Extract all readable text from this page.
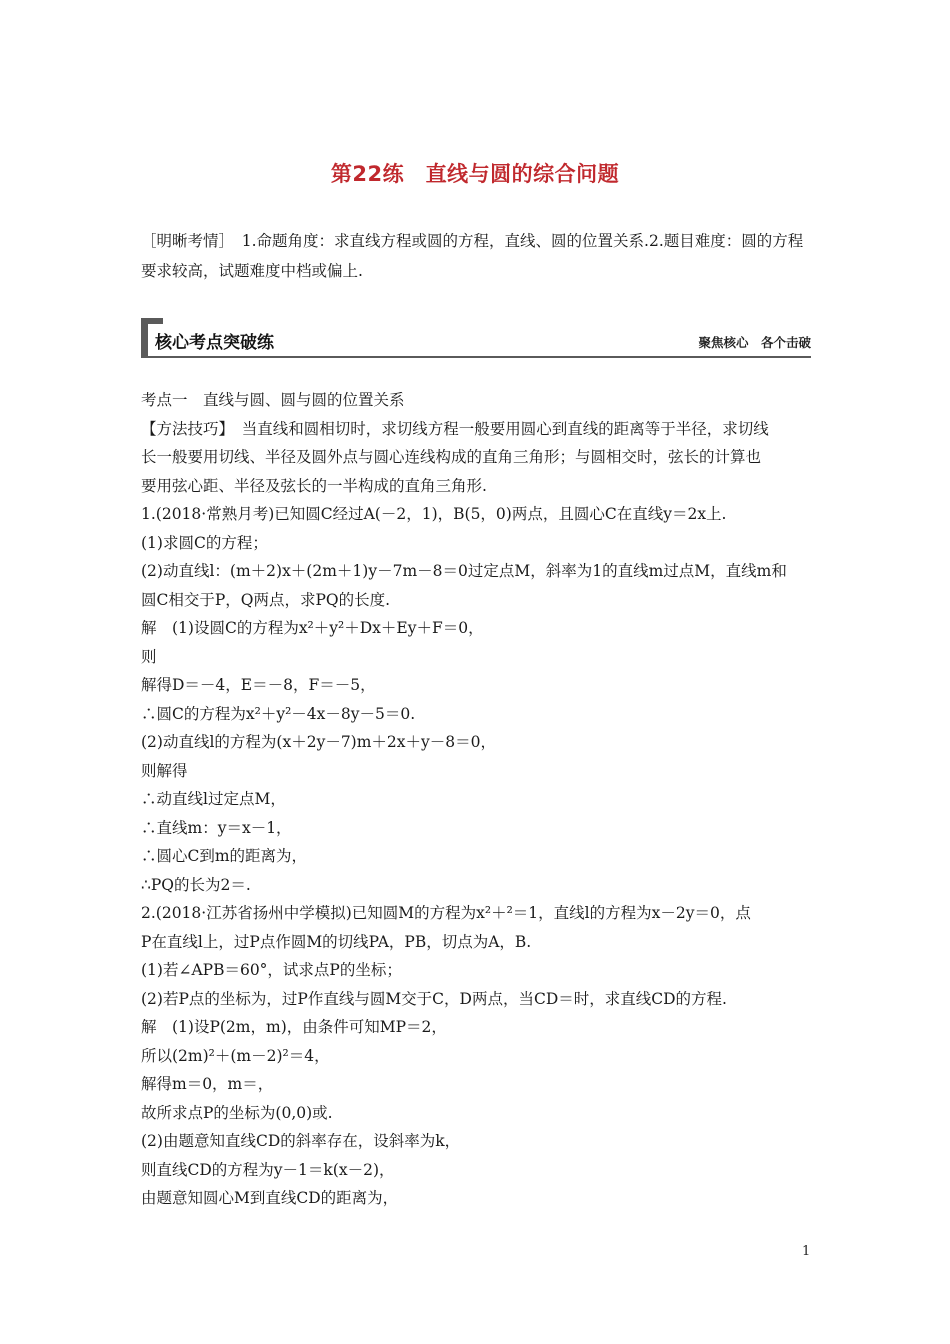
第22练　直线与圆的综合问题
［明晰考情］　1.命题角度：求直线方程或圆的方程，直线、圆的位置关系.2.题目难度：圆的方程要求较高，试题难度中档或偏上.
核心考点突破练	聚焦核心　各个击破
考点一　直线与圆、圆与圆的位置关系
【方法技巧】　当直线和圆相切时，求切线方程一般要用圆心到直线的距离等于半径，求切线
长一般要用切线、半径及圆外点与圆心连线构成的直角三角形；与圆相交时，弦长的计算也
要用弦心距、半径及弦长的一半构成的直角三角形.
1.(2018·常熟月考)已知圆C经过A(－2，1)，B(5，0)两点，且圆心C在直线y＝2x上.
(1)求圆C的方程；
(2)动直线l：(m＋2)x＋(2m＋1)y－7m－8＝0过定点M，斜率为1的直线m过点M，直线m和
圆C相交于P，Q两点，求PQ的长度.
解　(1)设圆C的方程为x²＋y²＋Dx＋Ey＋F＝0，
则
解得D＝－4，E＝－8，F＝－5，
∴圆C的方程为x²＋y²－4x－8y－5＝0.
(2)动直线l的方程为(x＋2y－7)m＋2x＋y－8＝0，
则解得
∴动直线l过定点M，
∴直线m：y＝x－1，
∴圆心C到m的距离为，
∴PQ的长为2＝.
2.(2018·江苏省扬州中学模拟)已知圆M的方程为x²＋²＝1，直线l的方程为x－2y＝0，点
P在直线l上，过P点作圆M的切线PA，PB，切点为A，B.
(1)若∠APB＝60°，试求点P的坐标；
(2)若P点的坐标为，过P作直线与圆M交于C，D两点，当CD＝时，求直线CD的方程.
解　(1)设P(2m，m)，由条件可知MP＝2，
所以(2m)²＋(m－2)²＝4，
解得m＝0，m＝，
故所求点P的坐标为(0,0)或.
(2)由题意知直线CD的斜率存在，设斜率为k，
则直线CD的方程为y－1＝k(x－2)，
由题意知圆心M到直线CD的距离为，
1
